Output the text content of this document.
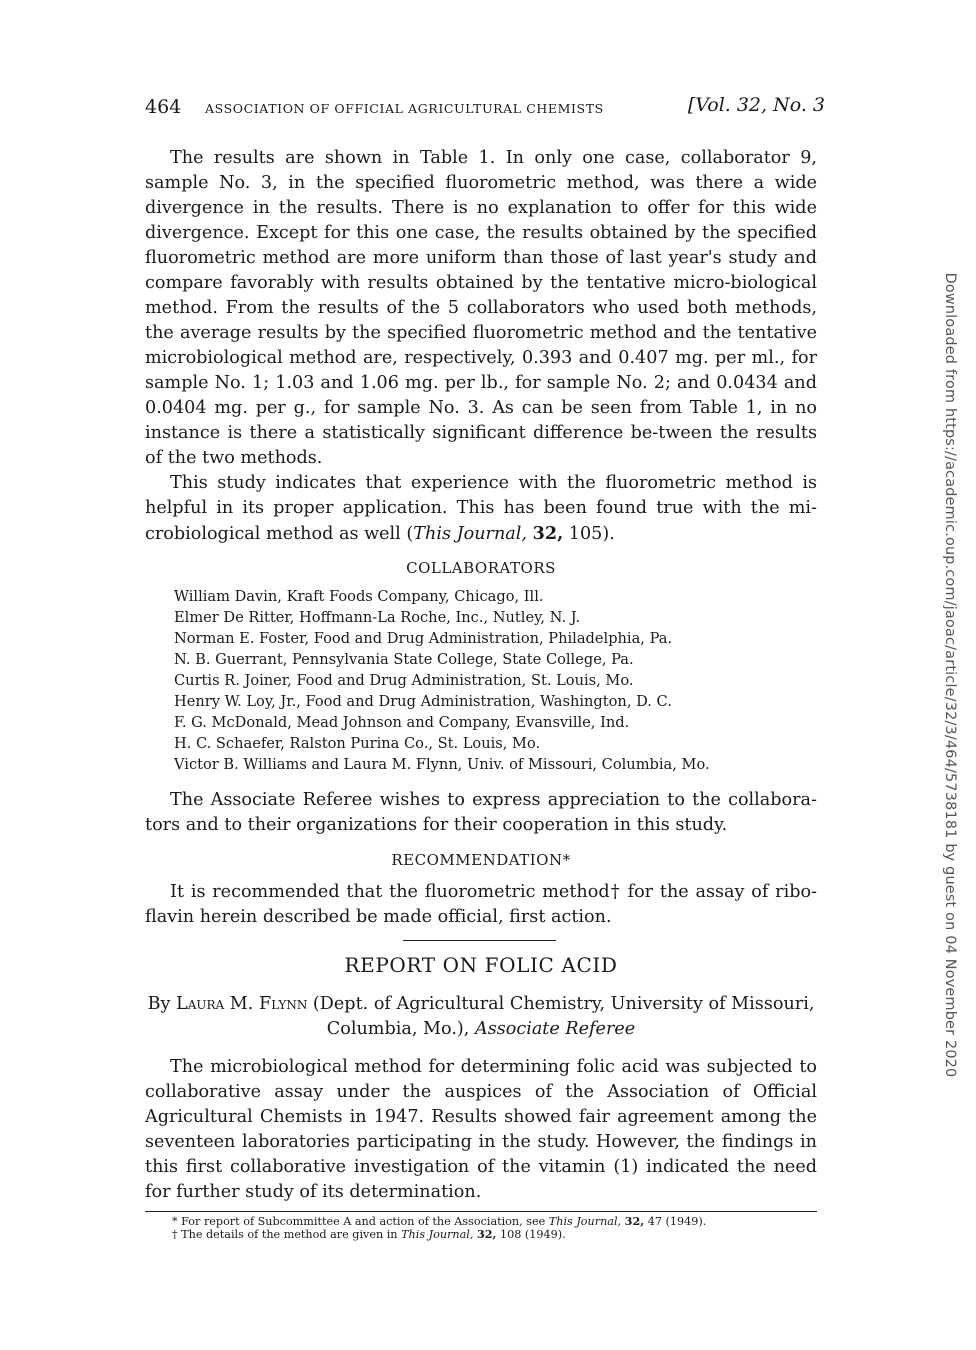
464 ASSOCIATION OF OFFICIAL AGRICULTURAL CHEMISTS	[Vol. 32, No. 3

The results are shown in Table 1. In only one case, collaborator 9, sample No. 3, in the specified fluorometric method, was there a wide divergence in the results. There is no explanation to offer for this wide divergence. Except for this one case, the results obtained by the specified fluorometric method are more uniform than those of last year's study and compare favorably with results obtained by the tentative micro-biological method. From the results of the 5 collaborators who used both methods, the average results by the specified fluorometric method and the tentative microbiological method are, respectively, 0.393 and 0.407 mg. per ml., for sample No. 1; 1.03 and 1.06 mg. per lb., for sample No. 2; and 0.0434 and 0.0404 mg. per g., for sample No. 3. As can be seen from Table 1, in no instance is there a statistically significant difference be-tween the results of the two methods.

This study indicates that experience with the fluorometric method is helpful in its proper application. This has been found true with the mi-crobiological method as well (This Journal, 32, 105).

COLLABORATORS
William Davin, Kraft Foods Company, Chicago, Ill.
Elmer De Ritter, Hoffmann-La Roche, Inc., Nutley, N. J.
Norman E. Foster, Food and Drug Administration, Philadelphia, Pa.
N. B. Guerrant, Pennsylvania State College, State College, Pa.
Curtis R. Joiner, Food and Drug Administration, St. Louis, Mo.
Henry W. Loy, Jr., Food and Drug Administration, Washington, D. C.
F. G. McDonald, Mead Johnson and Company, Evansville, Ind.
H. C. Schaefer, Ralston Purina Co., St. Louis, Mo.
Victor B. Williams and Laura M. Flynn, Univ. of Missouri, Columbia, Mo.

The Associate Referee wishes to express appreciation to the collabora-tors and to their organizations for their cooperation in this study.

RECOMMENDATION*

It is recommended that the fluorometric method† for the assay of ribo-flavin herein described be made official, first action.

REPORT ON FOLIC ACID
By Laura M. Flynn (Dept. of Agricultural Chemistry, University of Missouri, Columbia, Mo.), Associate Referee

The microbiological method for determining folic acid was subjected to collaborative assay under the auspices of the Association of Official Agricultural Chemists in 1947. Results showed fair agreement among the seventeen laboratories participating in the study. However, the findings in this first collaborative investigation of the vitamin (1) indicated the need for further study of its determination.

* For report of Subcommittee A and action of the Association, see This Journal, 32, 47 (1949).
† The details of the method are given in This Journal, 32, 108 (1949).
Downloaded from https://academic.oup.com/jaoac/article/32/3/464/5738181 by guest on 04 November 2020
